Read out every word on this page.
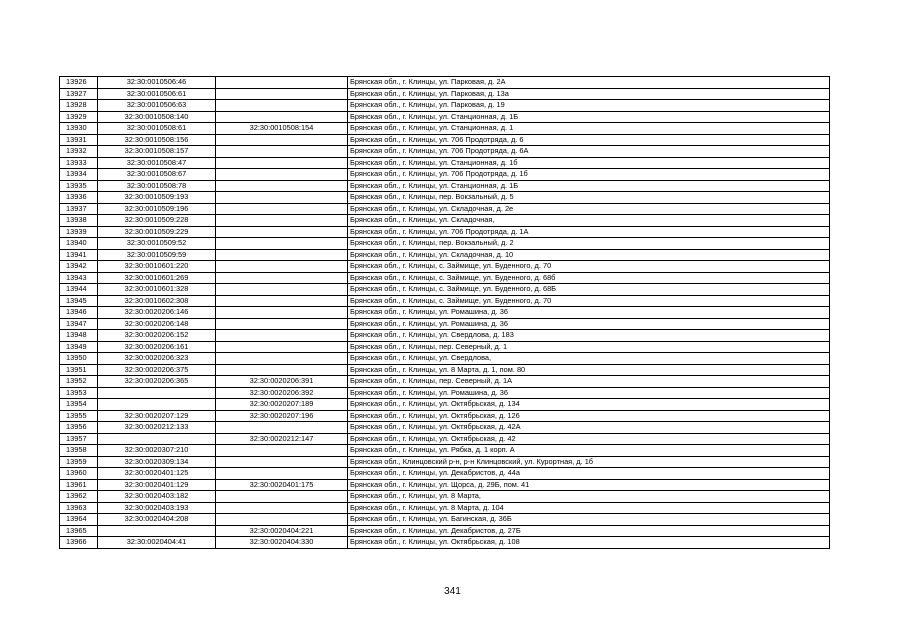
13926	32:30:0010506:46		Брянская обл., г. Клинцы, ул. Парковая, д. 2А
13927	32:30:0010506:61		Брянская обл., г. Клинцы, ул. Парковая, д. 13а
13928	32:30:0010506:63		Брянская обл., г. Клинцы, ул. Парковая, д. 19
13929	32:30:0010508:140		Брянская обл., г. Клинцы, ул. Станционная, д. 1Б
13930	32:30:0010508:61	32:30:0010508:154	Брянская обл., г. Клинцы, ул. Станционная, д. 1
13931	32:30:0010508:156		Брянская обл., г. Клинцы, ул. 706 Продотряда, д. 6
13932	32:30:0010508:157		Брянская обл., г. Клинцы, ул. 706 Продотряда, д. 6А
13933	32:30:0010508:47		Брянская обл., г. Клинцы, ул. Станционная, д. 1б
13934	32:30:0010508:67		Брянская обл., г. Клинцы, ул. 706 Продотряда, д. 1б
13935	32:30:0010508:78		Брянская обл., г. Клинцы, ул. Станционная, д. 1Б
13936	32:30:0010509:193		Брянская обл., г. Клинцы, пер. Вокзальный, д. 5
13937	32:30:0010509:196		Брянская обл., г. Клинцы, ул. Складочная, д. 2е
13938	32:30:0010509:228		Брянская обл., г. Клинцы, ул. Складочная,
13939	32:30:0010509:229		Брянская обл., г. Клинцы, ул. 706 Продотряда, д. 1А
13940	32:30:0010509:52		Брянская обл., г. Клинцы, пер. Вокзальный, д. 2
13941	32:30:0010509:59		Брянская обл., г. Клинцы, ул. Складочная, д. 10
13942	32:30:0010601:220		Брянская обл., г. Клинцы, с. Займище, ул. Буденного, д. 70
13943	32:30:0010601:269		Брянская обл., г. Клинцы, с. Займище, ул. Буденного, д. 68б
13944	32:30:0010601:328		Брянская обл., г. Клинцы, с. Займище, ул. Буденного, д. 68Б
13945	32:30:0010602:308		Брянская обл., г. Клинцы, с. Займище, ул. Буденного, д. 70
13946	32:30:0020206:146		Брянская обл., г. Клинцы, ул. Ромашина, д. 36
13947	32:30:0020206:148		Брянская обл., г. Клинцы, ул. Ромашина, д. 36
13948	32:30:0020206:152		Брянская обл., г. Клинцы, ул. Свердлова, д. 183
13949	32:30:0020206:161		Брянская обл., г. Клинцы, пер. Северный, д. 1
13950	32:30:0020206:323		Брянская обл., г. Клинцы, ул. Свердлова,
13951	32:30:0020206:375		Брянская обл., г. Клинцы, ул. 8 Марта, д. 1, пом. 80
13952	32:30:0020206:365	32:30:0020206:391	Брянская обл., г. Клинцы, пер. Северный, д. 1А
13953		32:30:0020206:392	Брянская обл., г. Клинцы, ул. Ромашина, д. 36
13954		32:30:0020207:189	Брянская обл., г. Клинцы, ул. Октябрьская, д. 134
13955	32:30:0020207:129	32:30:0020207:196	Брянская обл., г. Клинцы, ул. Октябрьская, д. 126
13956	32:30:0020212:133		Брянская обл., г. Клинцы, ул. Октябрьская, д. 42А
13957		32:30:0020212:147	Брянская обл., г. Клинцы, ул. Октябрьская, д. 42
13958	32:30:0020307:210		Брянская обл., г. Клинцы, ул. Рябка, д. 1 корп. А
13959	32:30:0020309:134		Брянская обл., Клинцовский р-н, р-н Клинцовский, ул. Курортная, д. 1б
13960	32:30:0020401:125		Брянская обл., г. Клинцы, ул. Декабристов, д. 44а
13961	32:30:0020401:129	32:30:0020401:175	Брянская обл., г. Клинцы, ул. Щорса, д. 29Б, пом. 41
13962	32:30:0020403:182		Брянская обл., г. Клинцы, ул. 8 Марта,
13963	32:30:0020403:193		Брянская обл., г. Клинцы, ул. 8 Марта, д. 104
13964	32:30:0020404:208		Брянская обл., г. Клинцы, ул. Багинская, д. 36Б
13965		32:30:0020404:221	Брянская обл., г. Клинцы, ул. Декабристов, д. 27Б
13966	32:30:0020404:41	32:30:0020404:330	Брянская обл., г. Клинцы, ул. Октябрьская, д. 108
341
